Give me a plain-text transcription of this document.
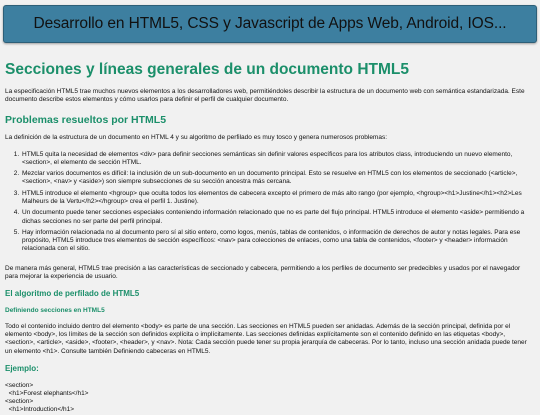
Desarrollo en HTML5, CSS y Javascript de Apps Web, Android, IOS...
Secciones y líneas generales de un documento HTML5

La especificación HTML5 trae muchos nuevos elementos a los desarrolladores web, permitiéndoles describir la estructura de un documento web con semántica estandarizada. Este documento describe estos elementos y cómo usarlos para definir el perfil de cualquier documento.

Problemas resueltos por HTML5

La definición de la estructura de un documento en HTML 4 y su algoritmo de perfilado es muy tosco y genera numerosos problemas:

1. HTML5 quita la necesidad de elementos <div> para definir secciones semánticas sin definir valores específicos para los atributos class, introduciendo un nuevo elemento, <section>, el elemento de sección HTML.
2. Mezclar varios documentos es difícil: la inclusión de un sub-documento en un documento principal. Esto se resuelve en HTML5 con los elementos de seccionado (<article>, <section>, <nav> y <aside>) son siempre subsecciones de su sección ancestra más cercana.
3. HTML5 introduce el elemento <hgroup> que oculta todos los elementos de cabecera excepto el primero de más alto rango (por ejemplo, <hgroup><h1>Justine</h1><h2>Les Malheurs de la Vertu</h2></hgroup> crea el perfil 1. Justine).
4. Un documento puede tener secciones especiales conteniendo información relacionado que no es parte del flujo principal. HTML5 introduce el elemento <aside> permitiendo a dichas secciones no ser parte del perfil principal.
5. Hay información relacionada no al documento pero sí al sitio entero, como logos, menús, tablas de contenidos, o información de derechos de autor y notas legales. Para ese propósito, HTML5 introduce tres elementos de sección específicos: <nav> para colecciones de enlaces, como una tabla de contenidos, <footer> y <header> información relacionada con el sitio.

De manera más general, HTML5 trae precisión a las características de seccionado y cabecera, permitiendo a los perfiles de documento ser predecibles y usados por el navegador para mejorar la experiencia de usuario.

El algoritmo de perfilado de HTML5
Definiendo secciones en HTML5

Todo el contenido incluido dentro del elemento <body> es parte de una sección. Las secciones en HTML5 pueden ser anidadas. Además de la sección principal, definida por el elemento <body>, los límites de la sección son definidos explícita o implícitamente. Las secciones definidas explícitamente son el contenido definido en las etiquetas <body>, <section>, <article>, <aside>, <footer>, <header>, y <nav>. Nota: Cada sección puede tener su propia jerarquía de cabeceras. Por lo tanto, incluso una sección anidada puede tener un elemento <h1>. Consulte también Definiendo cabeceras en HTML5.

Ejemplo:
<section>
<h1>Forest elephants</h1>
<section>
<h1>Introduction</h1>
